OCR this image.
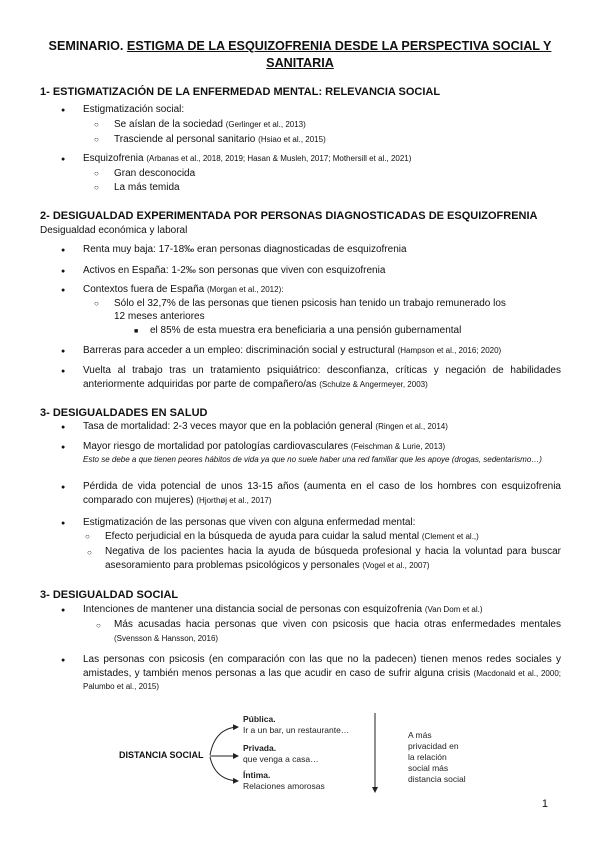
SEMINARIO. ESTIGMA DE LA ESQUIZOFRENIA DESDE LA PERSPECTIVA SOCIAL Y SANITARIA
1- ESTIGMATIZACIÓN DE LA ENFERMEDAD MENTAL: RELEVANCIA SOCIAL
● Estigmatización social:
○ Se aíslan de la sociedad (Gerlinger et al., 2013)
○ Trasciende al personal sanitario (Hsiao et al., 2015)
● Esquizofrenia (Arbanas et al., 2018, 2019; Hasan & Musleh, 2017; Mothersill et al., 2021)
○ Gran desconocida
○ La más temida
2- DESIGUALDAD EXPERIMENTADA POR PERSONAS DIAGNOSTICADAS DE ESQUIZOFRENIA
Desigualdad económica y laboral
● Renta muy baja: 17-18‰ eran personas diagnosticadas de esquizofrenia
● Activos en España: 1-2‰ son personas que viven con esquizofrenia
● Contextos fuera de España (Morgan et al., 2012):
○ Sólo el 32,7% de las personas que tienen psicosis han tenido un trabajo remunerado los
12 meses anteriores
■ el 85% de esta muestra era beneficiaria a una pensión gubernamental
● Barreras para acceder a un empleo: discriminación social y estructural (Hampson et al., 2016; 2020)
● Vuelta al trabajo tras un tratamiento psiquiátrico: desconfianza, críticas y negación de habilidades anteriormente adquiridas por parte de compañero/as (Schulze & Angermeyer, 2003)
3- DESIGUALDADES EN SALUD
● Tasa de mortalidad: 2-3 veces mayor que en la población general (Ringen et al., 2014)
● Mayor riesgo de mortalidad por patologías cardiovasculares (Feischman & Lurie, 2013)
Esto se debe a que tienen peores hábitos de vida ya que no suele haber una red familiar que les apoye (drogas, sedentarismo…)
● Pérdida de vida potencial de unos 13-15 años (aumenta en el caso de los hombres con esquizofrenia comparado con mujeres) (Hjorthøj et al., 2017)
● Estigmatización de las personas que viven con alguna enfermedad mental:
○ Efecto perjudicial en la búsqueda de ayuda para cuidar la salud mental (Clement et al.,)
○ Negativa de los pacientes hacia la ayuda de búsqueda profesional y hacia la voluntad para buscar asesoramiento para problemas psicológicos y personales (Vogel et al., 2007)
3- DESIGUALDAD SOCIAL
● Intenciones de mantener una distancia social de personas con esquizofrenia (Van Dom et al.)
○ Más acusadas hacia personas que viven con psicosis que hacia otras enfermedades mentales (Svensson & Hansson, 2016)
● Las personas con psicosis (en comparación con las que no la padecen) tienen menos redes sociales y amistades, y también menos personas a las que acudir en caso de sufrir alguna crisis (Macdonald et al., 2000; Palumbo et al., 2015)
DISTANCIA SOCIAL
Pública.
Ir a un bar, un restaurante…
Privada.
que venga a casa…
Íntima.
Relaciones amorosas
A más
privacidad en
la relación
social más
distancia social
1
